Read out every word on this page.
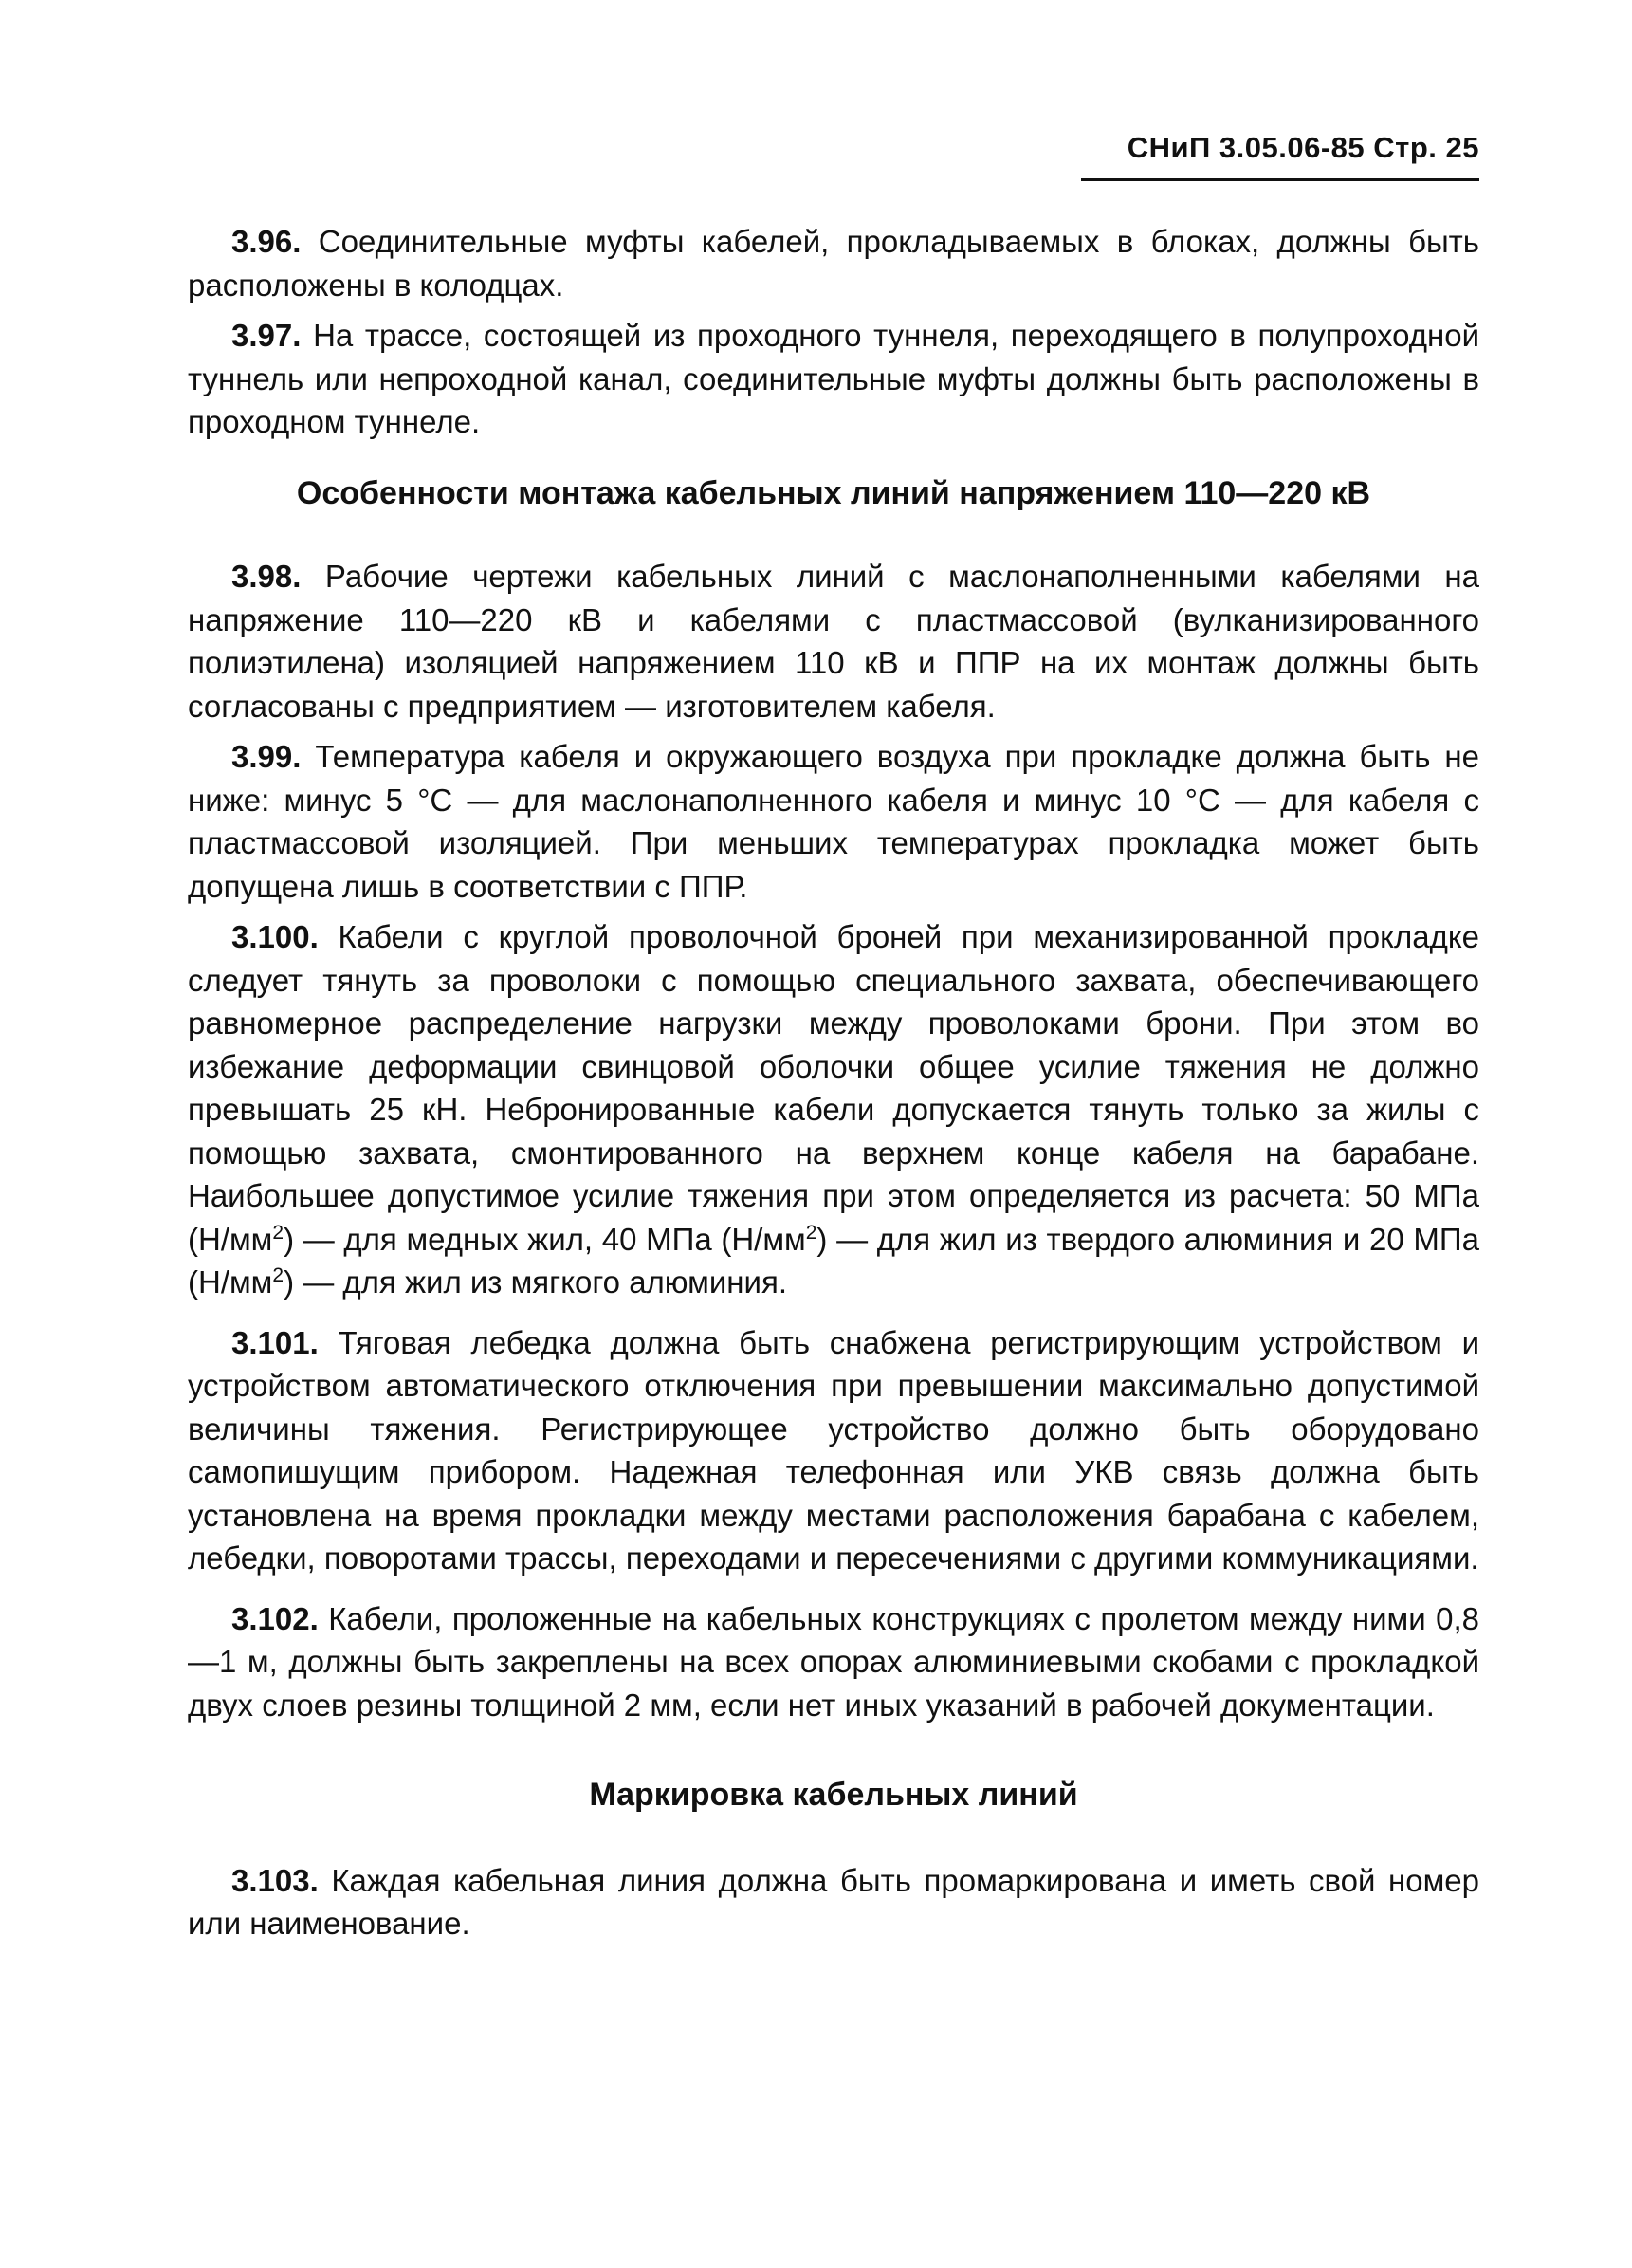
СНиП 3.05.06-85 Стр. 25

3.96. Соединительные муфты кабелей, прокладываемых в блоках, должны быть расположены в колодцах.

3.97. На трассе, состоящей из проходного туннеля, переходящего в полупроходной туннель или непроходной канал, соединительные муфты должны быть расположены в проходном туннеле.

Особенности монтажа кабельных линий напряжением 110—220 кВ

3.98. Рабочие чертежи кабельных линий с маслонаполненными кабелями на напряжение 110—220 кВ и кабелями с пластмассовой (вулканизированного полиэтилена) изоляцией напряжением 110 кВ и ППР на их монтаж должны быть согласованы с предприятием — изготовителем кабеля.

3.99. Температура кабеля и окружающего воздуха при прокладке должна быть не ниже: минус 5 °С — для маслонаполненного кабеля и минус 10 °С — для кабеля с пластмассовой изоляцией. При меньших температурах прокладка может быть допущена лишь в соответствии с ППР.

3.100. Кабели с круглой проволочной броней при механизированной прокладке следует тянуть за проволоки с помощью специального захвата, обеспечивающего равномерное распределение нагрузки между проволоками брони. При этом во избежание деформации свинцовой оболочки общее усилие тяжения не должно превышать 25 кН. Небронированные кабели допускается тянуть только за жилы с помощью захвата, смонтированного на верхнем конце кабеля на барабане. Наибольшее допустимое усилие тяжения при этом определяется из расчета: 50 МПа $(Н/мм^2)$ — для медных жил, 40 МПа $(Н/мм^2)$ — для жил из твердого алюминия и 20 МПа $(Н/мм^2)$ — для жил из мягкого алюминия.

3.101. Тяговая лебедка должна быть снабжена регистрирующим устройством и устройством автоматического отключения при превышении максимально допустимой величины тяжения. Регистрирующее устройство должно быть оборудовано самопишущим прибором. Надежная телефонная или УКВ связь должна быть установлена на время прокладки между местами расположения барабана с кабелем, лебедки, поворотами трассы, переходами и пересечениями с другими коммуникациями.

3.102. Кабели, проложенные на кабельных конструкциях с пролетом между ними 0,8—1 м, должны быть закреплены на всех опорах алюминиевыми скобами с прокладкой двух слоев резины толщиной 2 мм, если нет иных указаний в рабочей документации.

Маркировка кабельных линий

3.103. Каждая кабельная линия должна быть промаркирована и иметь свой номер или наименование.
